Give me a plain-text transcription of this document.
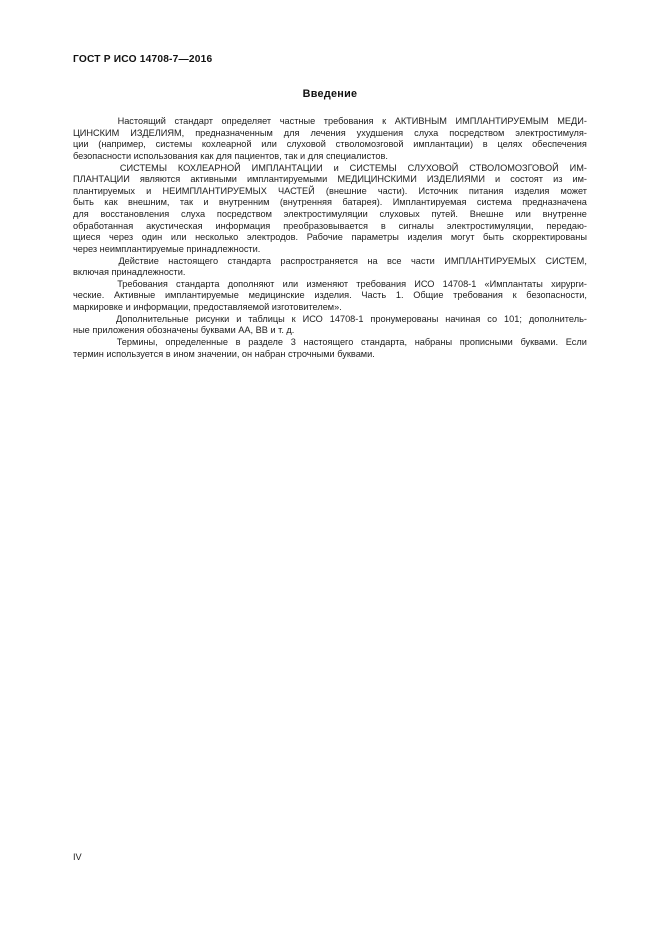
ГОСТ Р ИСО 14708-7—2016
Введение

Настоящий стандарт определяет частные требования к АКТИВНЫМ ИМПЛАНТИРУЕМЫМ МЕДИ-
ЦИНСКИМ ИЗДЕЛИЯМ, предназначенным для лечения ухудшения слуха посредством электростимуля-
ции (например, системы кохлеарной или слуховой стволомозговой имплантации) в целях обеспечения
безопасности использования как для пациентов, так и для специалистов.

СИСТЕМЫ КОХЛЕАРНОЙ ИМПЛАНТАЦИИ и СИСТЕМЫ СЛУХОВОЙ СТВОЛОМОЗГОВОЙ ИМ-
ПЛАНТАЦИИ являются активными имплантируемыми МЕДИЦИНСКИМИ ИЗДЕЛИЯМИ и состоят из им-
плантируемых и НЕИМПЛАНТИРУЕМЫХ ЧАСТЕЙ (внешние части). Источник питания изделия может
быть как внешним, так и внутренним (внутренняя батарея). Имплантируемая система предназначена
для восстановления слуха посредством электростимуляции слуховых путей. Внешне или внутренне
обработанная акустическая информация преобразовывается в сигналы электростимуляции, передаю-
щиеся через один или несколько электродов. Рабочие параметры изделия могут быть скорректированы
через неимплантируемые принадлежности.

Действие настоящего стандарта распространяется на все части ИМПЛАНТИРУЕМЫХ СИСТЕМ,
включая принадлежности.

Требования стандарта дополняют или изменяют требования ИСО 14708-1 «Имплантаты хирурги-
ческие. Активные имплантируемые медицинские изделия. Часть 1. Общие требования к безопасности,
маркировке и информации, предоставляемой изготовителем».

Дополнительные рисунки и таблицы к ИСО 14708-1 пронумерованы начиная со 101; дополнитель-
ные приложения обозначены буквами АА, ВВ и т. д.

Термины, определенные в разделе 3 настоящего стандарта, набраны прописными буквами. Если
термин используется в ином значении, он набран строчными буквами.

IV
